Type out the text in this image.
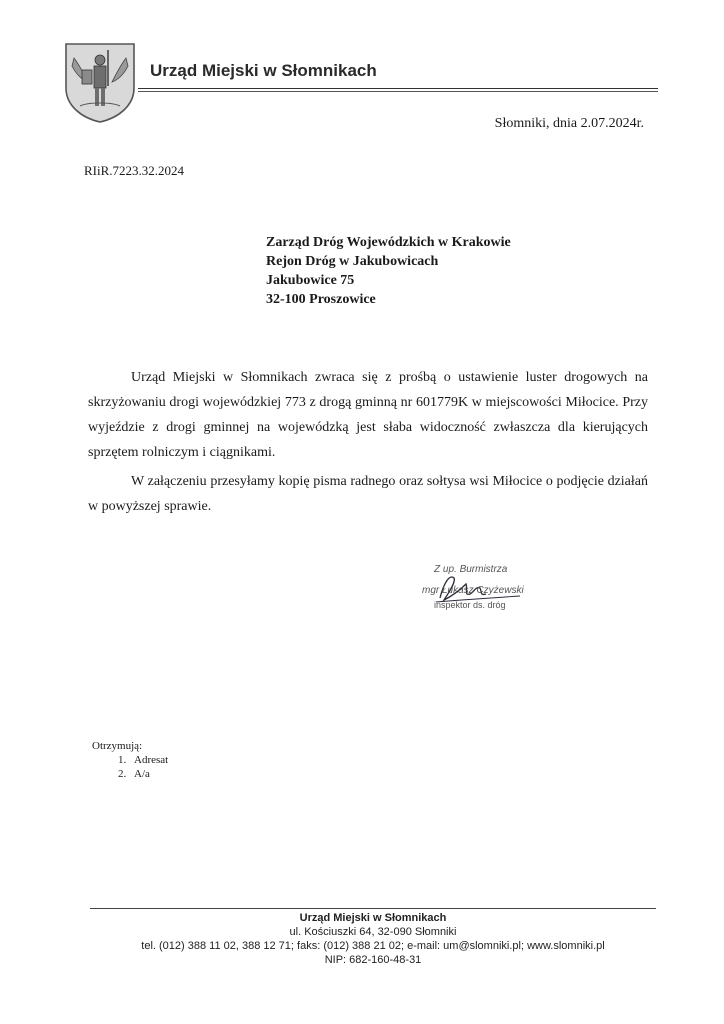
Urząd Miejski w Słomnikach
Słomniki, dnia 2.07.2024r.
RIiR.7223.32.2024
Zarząd Dróg Wojewódzkich w Krakowie
Rejon Dróg w Jakubowicach
Jakubowice 75
32-100 Proszowice

Urząd Miejski w Słomnikach zwraca się z prośbą o ustawienie luster drogowych na skrzyżowaniu drogi wojewódzkiej 773 z drogą gminną nr 601779K w miejscowości Miłocice. Przy wyjeździe z drogi gminnej na wojewódzką jest słaba widoczność zwłaszcza dla kierujących sprzętem rolniczym i ciągnikami.

W załączeniu przesyłamy kopię pisma radnego oraz sołtysa wsi Miłocice o podjęcie działań w powyższej sprawie.

Z up. Burmistrza
mgr Łukasz Czyżewski
inspektor ds. dróg
Otrzymują:
1. Adresat
2. A/a
Urząd Miejski w Słomnikach
ul. Kościuszki 64, 32-090 Słomniki
tel. (012) 388 11 02, 388 12 71; faks: (012) 388 21 02; e-mail: um@slomniki.pl; www.slomniki.pl
NIP: 682-160-48-31
